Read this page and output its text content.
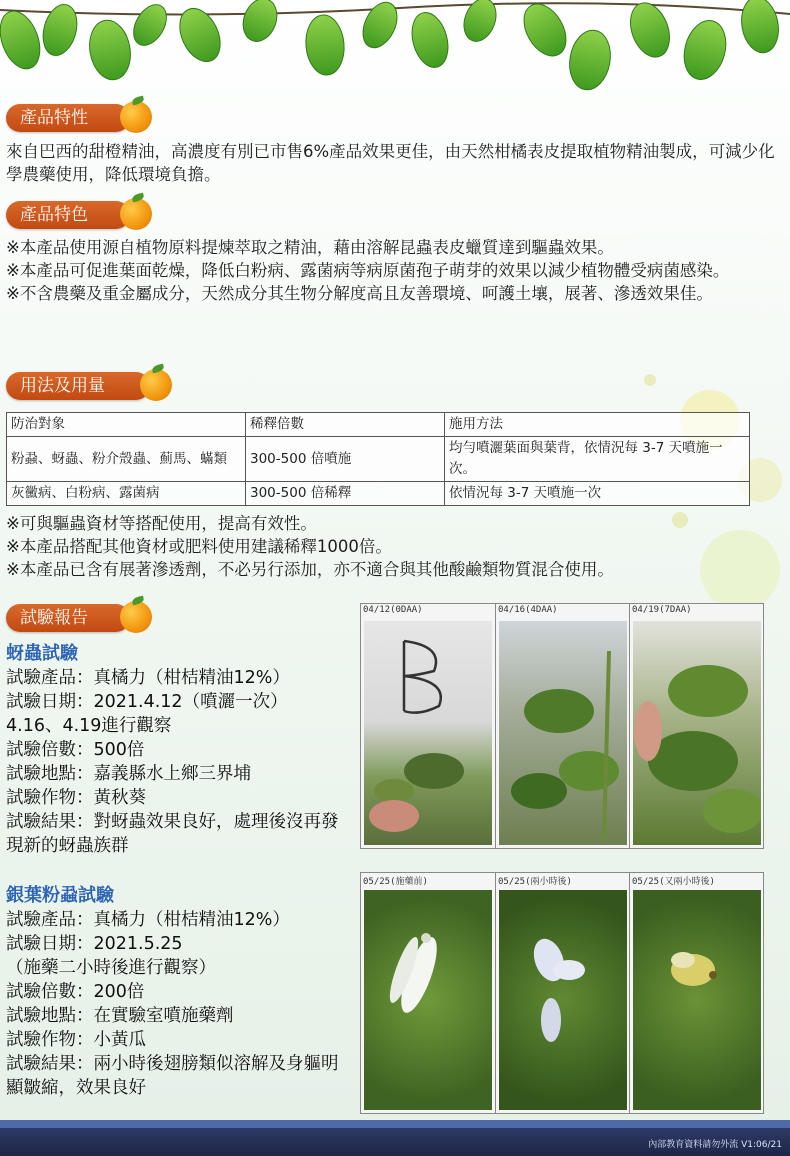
產品特性
來自巴西的甜橙精油，高濃度有別已市售6%產品效果更佳，由天然柑橘表皮提取植物精油製成，可減少化學農藥使用，降低環境負擔。
產品特色
※本產品使用源自植物原料提煉萃取之精油，藉由溶解昆蟲表皮蠟質達到驅蟲效果。
※本產品可促進葉面乾燥，降低白粉病、露菌病等病原菌孢子萌芽的效果以減少植物體受病菌感染。
※不含農藥及重金屬成分，天然成分其生物分解度高且友善環境、呵護土壤，展著、滲透效果佳。
用法及用量
防治對象	稀釋倍數	施用方法
粉蝨、蚜蟲、粉介殼蟲、薊馬、蟎類	300-500 倍噴施	均勻噴灑葉面與葉背，依情況每 3-7 天噴施一次。
灰黴病、白粉病、露菌病	300-500 倍稀釋	依情況每 3-7 天噴施一次
※可與驅蟲資材等搭配使用，提高有效性。
※本產品搭配其他資材或肥料使用建議稀釋1000倍。
※本產品已含有展著滲透劑，不必另行添加，亦不適合與其他酸鹼類物質混合使用。
試驗報告
蚜蟲試驗
試驗產品：真橘力（柑桔精油12%）
試驗日期：2021.4.12（噴灑一次）
4.16、4.19進行觀察
試驗倍數：500倍
試驗地點：嘉義縣水上鄉三界埔
試驗作物：黃秋葵
試驗結果：對蚜蟲效果良好，處理後沒再發現新的蚜蟲族群
04/12(0DAA)	04/16(4DAA)	04/19(7DAA)
銀葉粉蝨試驗
試驗產品：真橘力（柑桔精油12%）
試驗日期：2021.5.25
（施藥二小時後進行觀察）
試驗倍數：200倍
試驗地點：在實驗室噴施藥劑
試驗作物：小黃瓜
試驗結果：兩小時後翅膀類似溶解及身軀明顯皺縮，效果良好
05/25(施藥前)	05/25(兩小時後)	05/25(又兩小時後)
內部教育資料請勿外流 V1:06/21
